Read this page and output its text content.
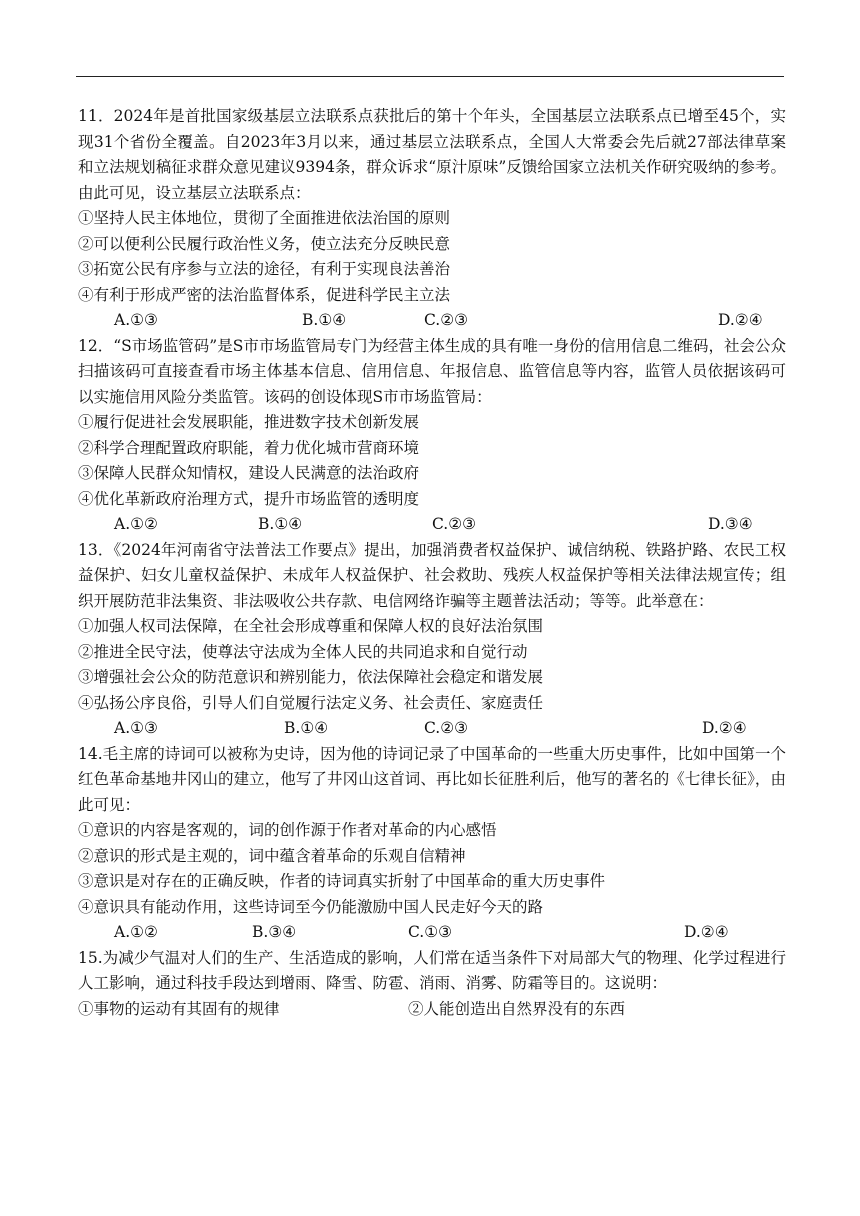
11．2024年是首批国家级基层立法联系点获批后的第十个年头，全国基层立法联系点已增至45个，实现31个省份全覆盖。自2023年3月以来，通过基层立法联系点，全国人大常委会先后就27部法律草案和立法规划稿征求群众意见建议9394条，群众诉求“原汁原味”反馈给国家立法机关作研究吸纳的参考。由此可见，设立基层立法联系点：

①坚持人民主体地位，贯彻了全面推进依法治国的原则

②可以便利公民履行政治性义务，使立法充分反映民意

③拓宽公民有序参与立法的途径，有利于实现良法善治

④有利于形成严密的法治监督体系，促进科学民主立法

A.①③	B.①④	C.②③	D.②④

12．“S市场监管码”是S市市场监管局专门为经营主体生成的具有唯一身份的信用信息二维码，社会公众扫描该码可直接查看市场主体基本信息、信用信息、年报信息、监管信息等内容，监管人员依据该码可以实施信用风险分类监管。该码的创设体现S市市场监管局：

①履行促进社会发展职能，推进数字技术创新发展

②科学合理配置政府职能，着力优化城市营商环境

③保障人民群众知情权，建设人民满意的法治政府

④优化革新政府治理方式，提升市场监管的透明度

A.①②	B.①④	C.②③	D.③④

13．《2024年河南省守法普法工作要点》提出，加强消费者权益保护、诚信纳税、铁路护路、农民工权益保护、妇女儿童权益保护、未成年人权益保护、社会救助、残疾人权益保护等相关法律法规宣传；组织开展防范非法集资、非法吸收公共存款、电信网络诈骗等主题普法活动；等等。此举意在：

①加强人权司法保障，在全社会形成尊重和保障人权的良好法治氛围

②推进全民守法，使尊法守法成为全体人民的共同追求和自觉行动

③增强社会公众的防范意识和辨别能力，依法保障社会稳定和谐发展

④弘扬公序良俗，引导人们自觉履行法定义务、社会责任、家庭责任

A.①③	B.①④	C.②③	D.②④

14.毛主席的诗词可以被称为史诗，因为他的诗词记录了中国革命的一些重大历史事件，比如中国第一个红色革命基地井冈山的建立，他写了井冈山这首词、再比如长征胜利后，他写的著名的《七律长征》，由此可见：

①意识的内容是客观的，词的创作源于作者对革命的内心感悟

②意识的形式是主观的，词中蕴含着革命的乐观自信精神

③意识是对存在的正确反映，作者的诗词真实折射了中国革命的重大历史事件

④意识具有能动作用，这些诗词至今仍能激励中国人民走好今天的路

A.①②	B.③④	C.①③	D.②④

15.为减少气温对人们的生产、生活造成的影响，人们常在适当条件下对局部大气的物理、化学过程进行人工影响，通过科技手段达到增雨、降雪、防雹、消雨、消雾、防霜等目的。这说明：

①事物的运动有其固有的规律	②人能创造出自然界没有的东西
